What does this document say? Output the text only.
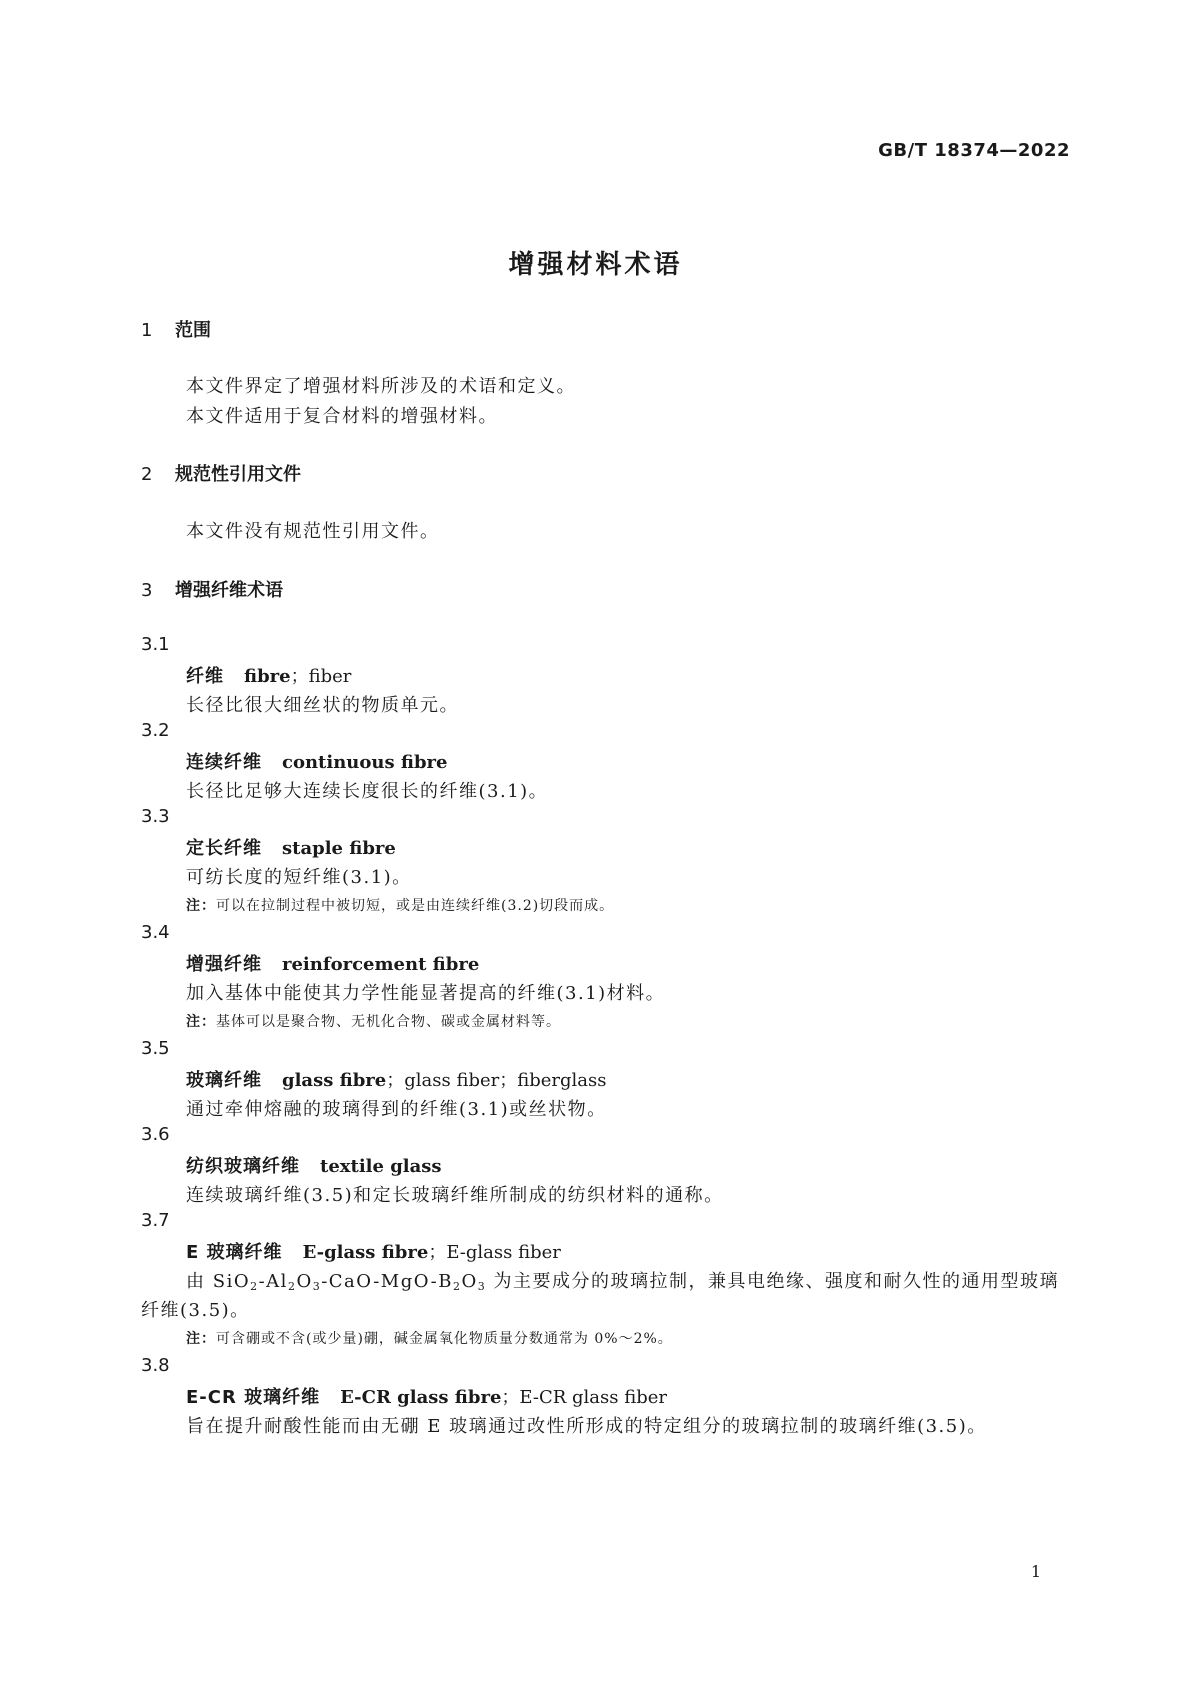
GB/T 18374—2022
增强材料术语
1 范围
本文件界定了增强材料所涉及的术语和定义。
本文件适用于复合材料的增强材料。
2 规范性引用文件
本文件没有规范性引用文件。
3 增强纤维术语
3.1
纤维 fibre；fiber
长径比很大细丝状的物质单元。
3.2
连续纤维 continuous fibre
长径比足够大连续长度很长的纤维(3.1)。
3.3
定长纤维 staple fibre
可纺长度的短纤维(3.1)。
注：可以在拉制过程中被切短，或是由连续纤维(3.2)切段而成。
3.4
增强纤维 reinforcement fibre
加入基体中能使其力学性能显著提高的纤维(3.1)材料。
注：基体可以是聚合物、无机化合物、碳或金属材料等。
3.5
玻璃纤维 glass fibre；glass fiber；fiberglass
通过牵伸熔融的玻璃得到的纤维(3.1)或丝状物。
3.6
纺织玻璃纤维 textile glass
连续玻璃纤维(3.5)和定长玻璃纤维所制成的纺织材料的通称。
3.7
E 玻璃纤维 E-glass fibre；E-glass fiber
由 $SiO_2-Al_2O_3-CaO-MgO-B_2O_3$ 为主要成分的玻璃拉制，兼具电绝缘、强度和耐久性的通用型玻璃
纤维(3.5)。
注：可含硼或不含(或少量)硼，碱金属氧化物质量分数通常为 0%～2%。
3.8
E-CR 玻璃纤维 E-CR glass fibre；E-CR glass fiber
旨在提升耐酸性能而由无硼 E 玻璃通过改性所形成的特定组分的玻璃拉制的玻璃纤维(3.5)。
1
